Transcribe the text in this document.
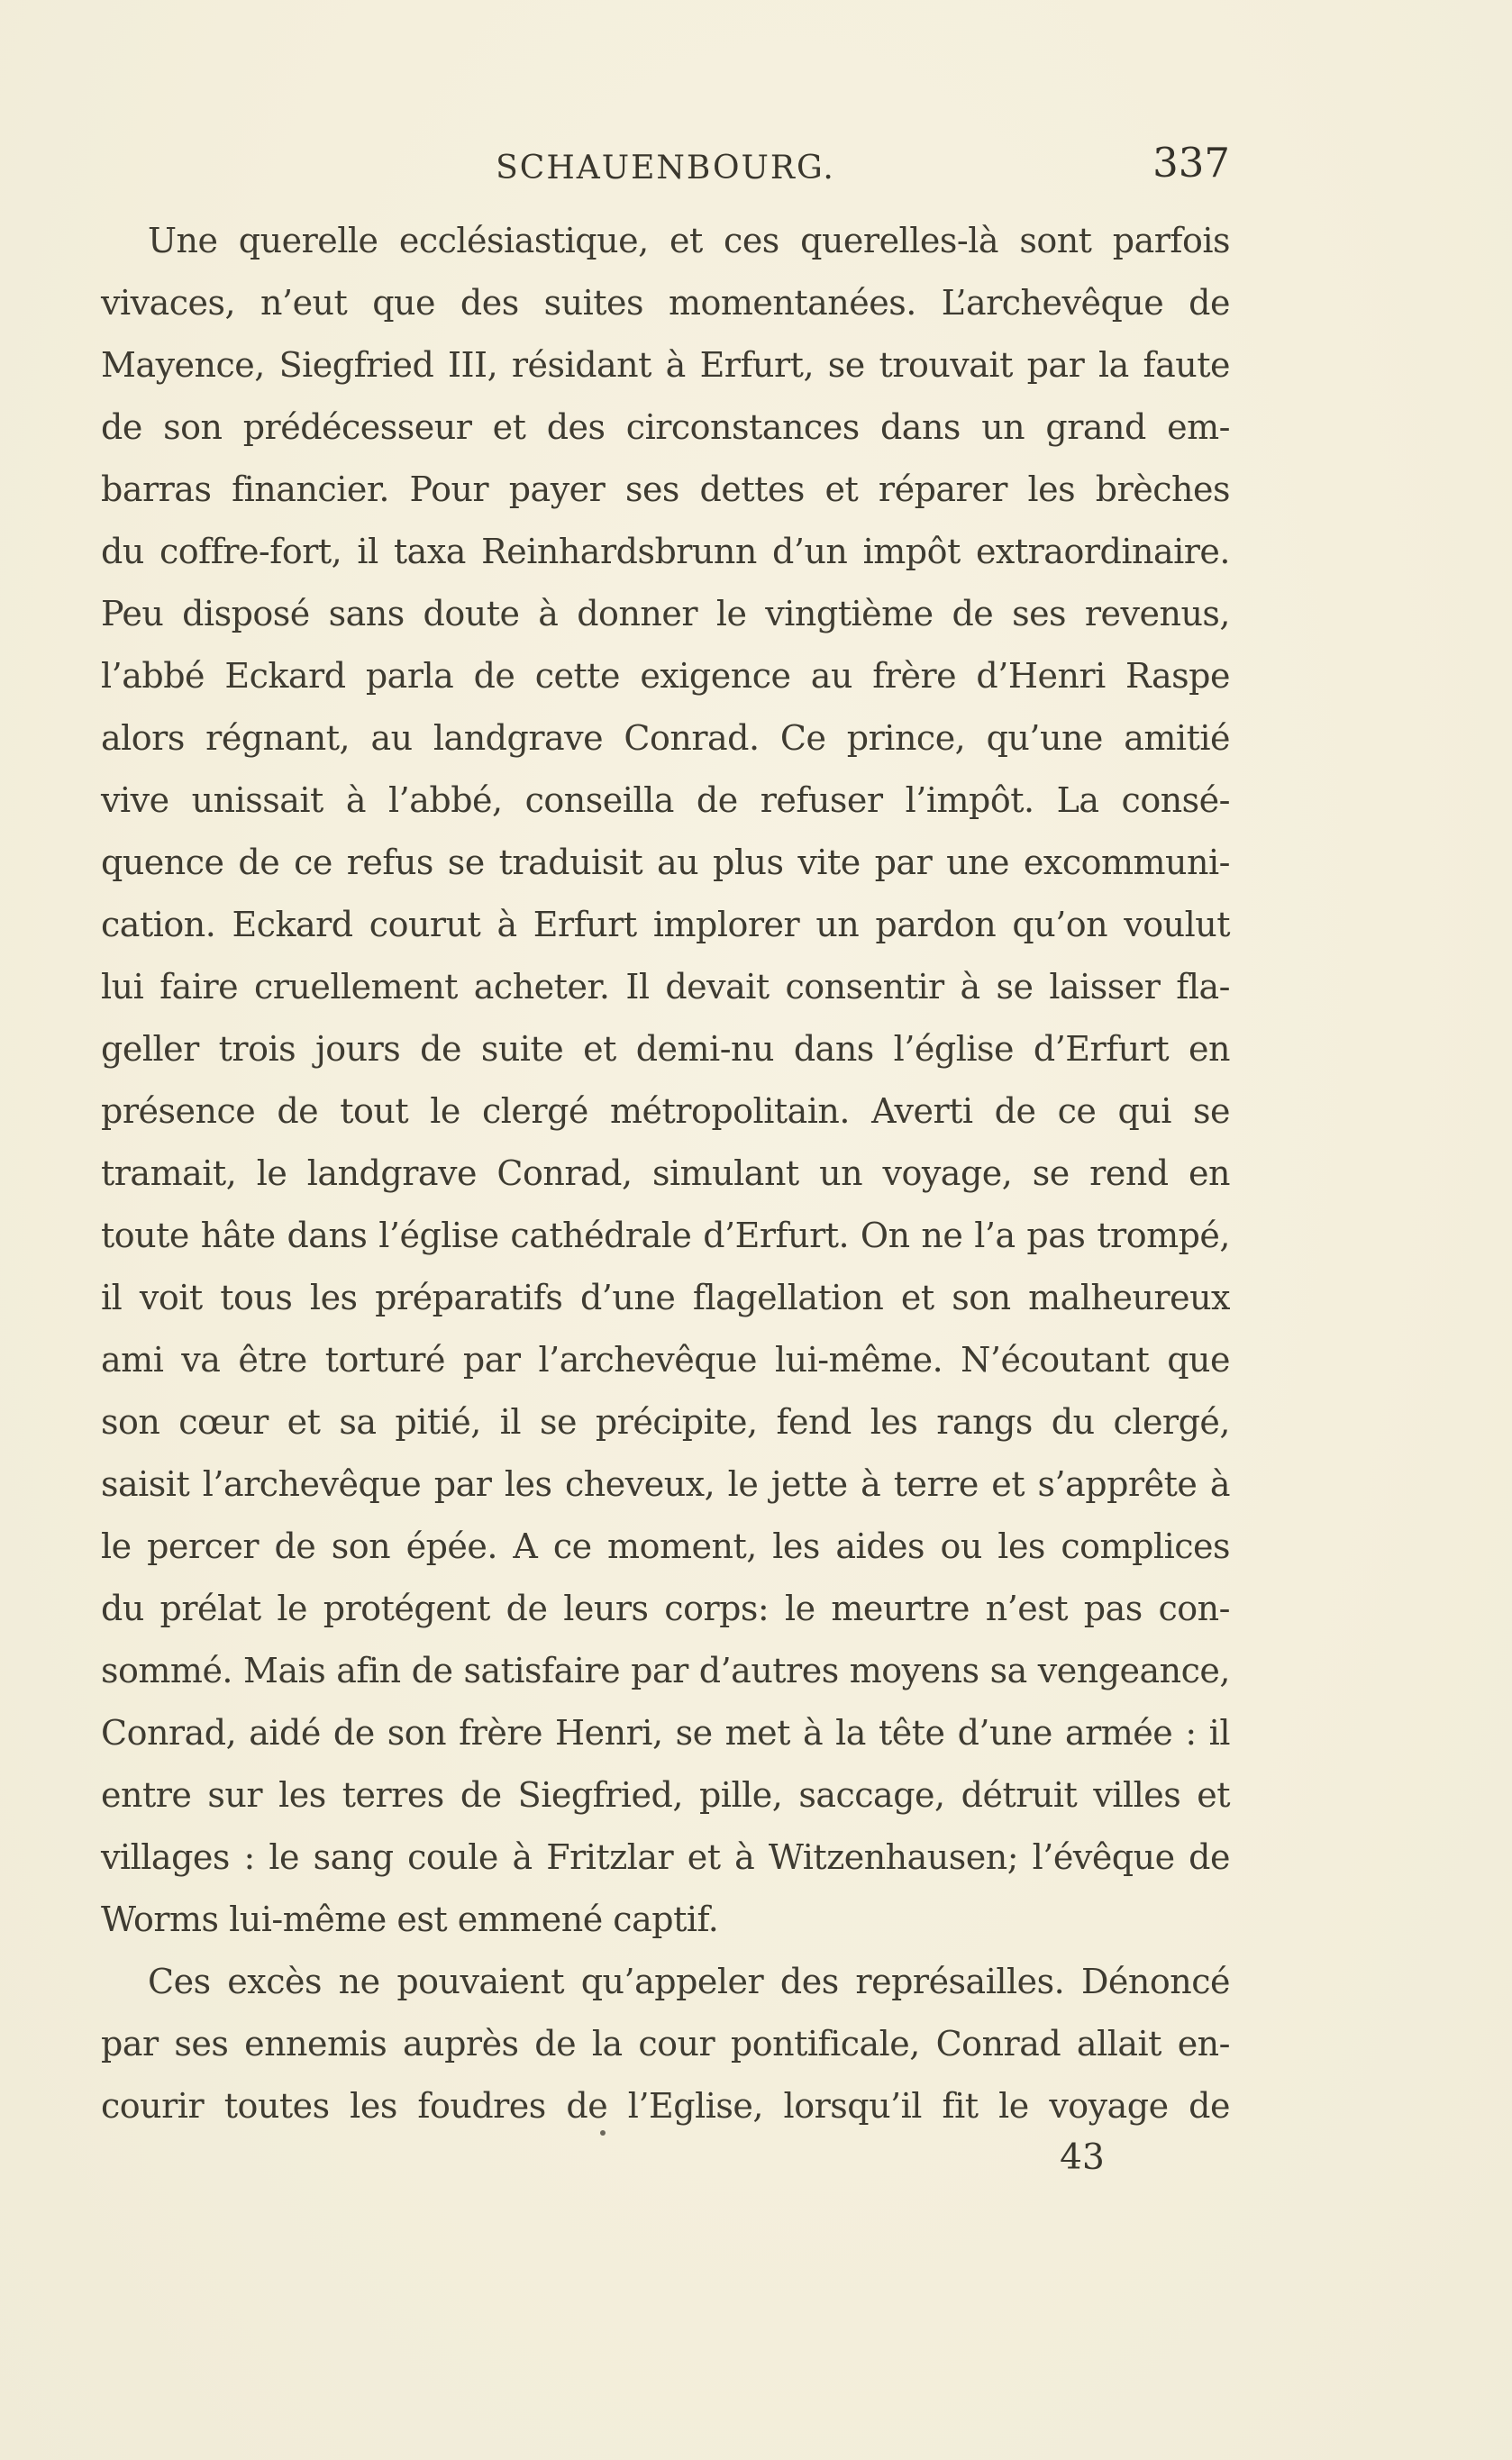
SCHAUENBOURG.	337
Une querelle ecclésiastique, et ces querelles-là sont parfois
vivaces, n’eut que des suites momentanées. L’archevêque de
Mayence, Siegfried III, résidant à Erfurt, se trouvait par la faute
de son prédécesseur et des circonstances dans un grand em-
barras financier. Pour payer ses dettes et réparer les brèches
du coffre-fort, il taxa Reinhardsbrunn d’un impôt extraordinaire.
Peu disposé sans doute à donner le vingtième de ses revenus,
l’abbé Eckard parla de cette exigence au frère d’Henri Raspe
alors régnant, au landgrave Conrad. Ce prince, qu’une amitié
vive unissait à l’abbé, conseilla de refuser l’impôt. La consé-
quence de ce refus se traduisit au plus vite par une excommuni-
cation. Eckard courut à Erfurt implorer un pardon qu’on voulut
lui faire cruellement acheter. Il devait consentir à se laisser fla-
geller trois jours de suite et demi-nu dans l’église d’Erfurt en
présence de tout le clergé métropolitain. Averti de ce qui se
tramait, le landgrave Conrad, simulant un voyage, se rend en
toute hâte dans l’église cathédrale d’Erfurt. On ne l’a pas trompé,
il voit tous les préparatifs d’une flagellation et son malheureux
ami va être torturé par l’archevêque lui-même. N’écoutant que
son cœur et sa pitié, il se précipite, fend les rangs du clergé,
saisit l’archevêque par les cheveux, le jette à terre et s’apprête à
le percer de son épée. A ce moment, les aides ou les complices
du prélat le protégent de leurs corps: le meurtre n’est pas con-
sommé. Mais afin de satisfaire par d’autres moyens sa vengeance,
Conrad, aidé de son frère Henri, se met à la tête d’une armée : il
entre sur les terres de Siegfried, pille, saccage, détruit villes et
villages : le sang coule à Fritzlar et à Witzenhausen; l’évêque de
Worms lui-même est emmené captif.
Ces excès ne pouvaient qu’appeler des représailles. Dénoncé
par ses ennemis auprès de la cour pontificale, Conrad allait en-
courir toutes les foudres de l’Eglise, lorsqu’il fit le voyage de
43
